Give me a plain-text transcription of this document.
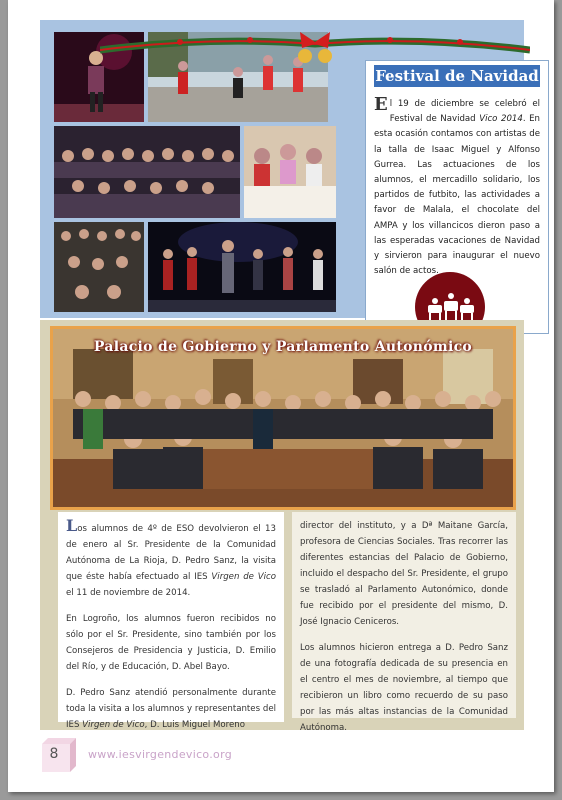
Festival de Navidad

El 19 de diciembre se celebró el Festival de Navidad Vico 2014. En esta ocasión contamos con artistas de la talla de Isaac Miguel y Alfonso Gurrea. Las actuaciones de los alumnos, el mercadillo solidario, los partidos de futbito, las actividades a favor de Malala, el chocolate del AMPA y los villancicos dieron paso a las esperadas vacaciones de Navidad y sirvieron para inaugurar el nuevo salón de actos.

Palacio de Gobierno y Parlamento Autonómico

Los alumnos de 4º de ESO devolvieron el 13 de enero al Sr. Presidente de la Comunidad Autónoma de La Rioja, D. Pedro Sanz, la visita que éste había efectuado al IES Virgen de Vico el 11 de noviembre de 2014.

En Logroño, los alumnos fueron recibidos no sólo por el Sr. Presidente, sino también por los Consejeros de Presidencia y Justicia, D. Emilio del Río, y de Educación, D. Abel Bayo.

D. Pedro Sanz atendió personalmente durante toda la visita a los alumnos y representantes del IES Virgen de Vico, D. Luis Miguel Moreno

director del instituto, y a Dª Maitane García, profesora de Ciencias Sociales. Tras recorrer las diferentes estancias del Palacio de Gobierno, incluido el despacho del Sr. Presidente, el grupo se trasladó al Parlamento Autonómico, donde fue recibido por el presidente del mismo, D. José Ignacio Ceniceros.

Los alumnos hicieron entrega a D. Pedro Sanz de una fotografía dedicada de su presencia en el centro el mes de noviembre, al tiempo que recibieron un libro como recuerdo de su paso por las más altas instancias de la Comunidad Autónoma.

8	www.iesvirgendevico.org
